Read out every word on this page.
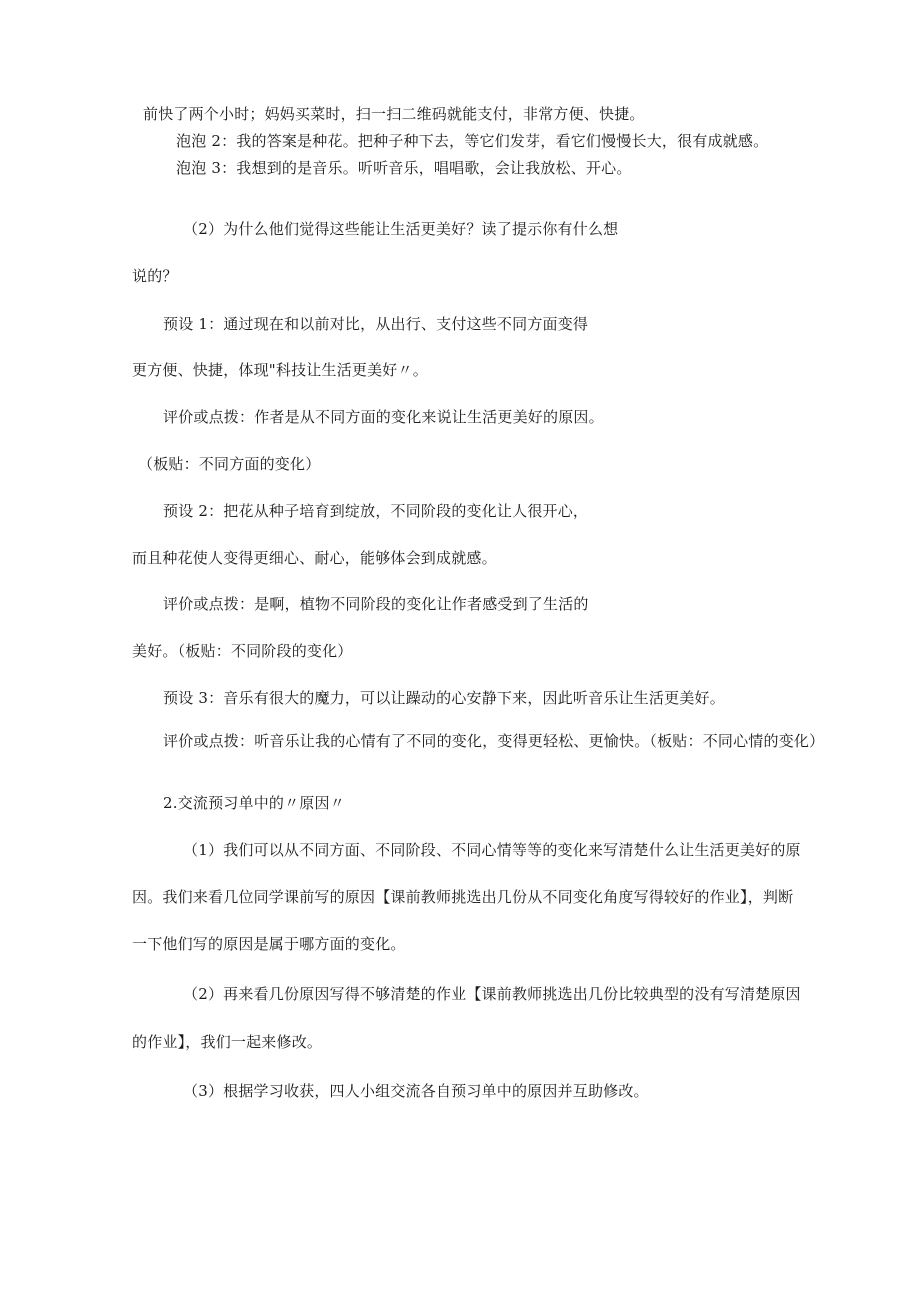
前快了两个小时；妈妈买菜时，扫一扫二维码就能支付，非常方便、快捷。
泡泡 2：我的答案是种花。把种子种下去，等它们发芽，看它们慢慢长大，很有成就感。
泡泡 3：我想到的是音乐。听听音乐，唱唱歌，会让我放松、开心。
（2）为什么他们觉得这些能让生活更美好？读了提示你有什么想
说的？
预设 1：通过现在和以前对比，从出行、支付这些不同方面变得
更方便、快捷，体现"科技让生活更美好〃。
评价或点拨：作者是从不同方面的变化来说让生活更美好的原因。
（板贴：不同方面的变化）
预设 2：把花从种子培育到绽放，不同阶段的变化让人很开心，
而且种花使人变得更细心、耐心，能够体会到成就感。
评价或点拨：是啊，植物不同阶段的变化让作者感受到了生活的
美好。（板贴：不同阶段的变化）
预设 3：音乐有很大的魔力，可以让躁动的心安静下来，因此听音乐让生活更美好。
评价或点拨：听音乐让我的心情有了不同的变化，变得更轻松、更愉快。（板贴：不同心情的变化）
2.交流预习单中的〃原因〃
（1）我们可以从不同方面、不同阶段、不同心情等等的变化来写清楚什么让生活更美好的原
因。我们来看几位同学课前写的原因【课前教师挑选出几份从不同变化角度写得较好的作业】，判断
一下他们写的原因是属于哪方面的变化。
（2）再来看几份原因写得不够清楚的作业【课前教师挑选出几份比较典型的没有写清楚原因
的作业】，我们一起来修改。
（3）根据学习收获，四人小组交流各自预习单中的原因并互助修改。
